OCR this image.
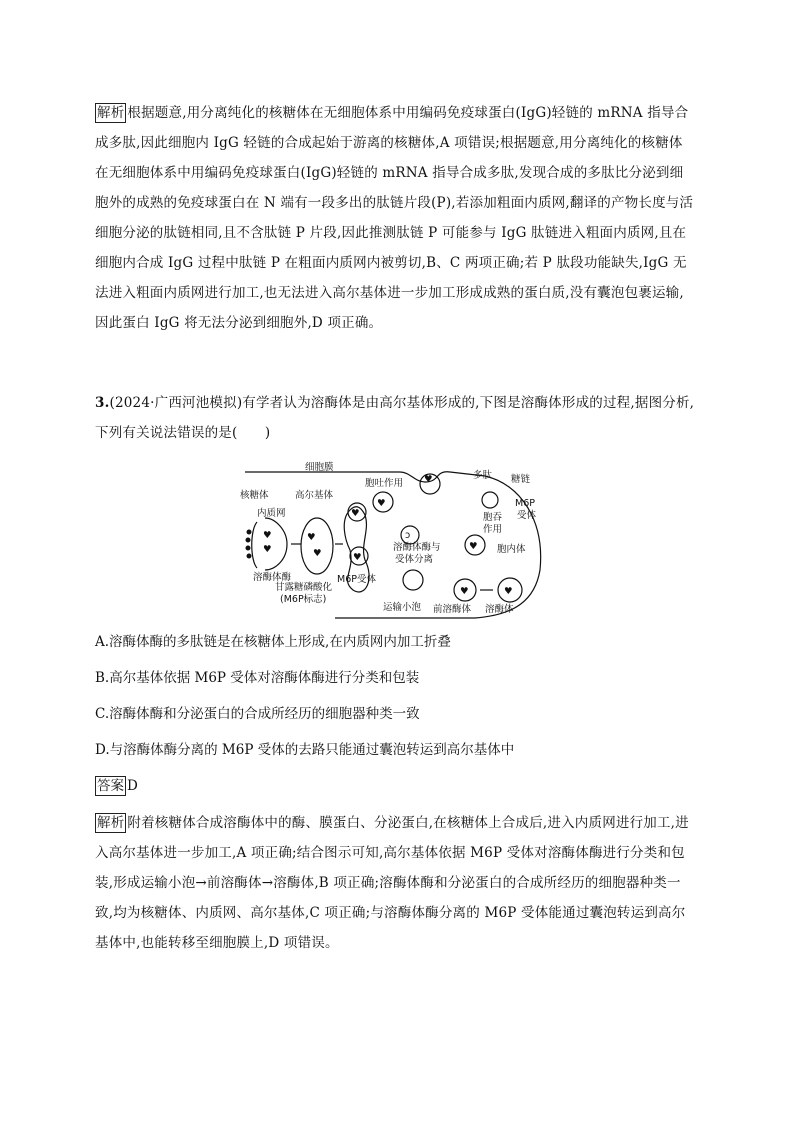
解析 根据题意,用分离纯化的核糖体在无细胞体系中用编码免疫球蛋白(IgG)轻链的 mRNA 指导合成多肽,因此细胞内 IgG 轻链的合成起始于游离的核糖体,A 项错误;根据题意,用分离纯化的核糖体在无细胞体系中用编码免疫球蛋白(IgG)轻链的 mRNA 指导合成多肽,发现合成的多肽比分泌到细胞外的成熟的免疫球蛋白在 N 端有一段多出的肽链片段(P),若添加粗面内质网,翻译的产物长度与活细胞分泌的肽链相同,且不含肽链 P 片段,因此推测肽链 P 可能参与 IgG 肽链进入粗面内质网,且在细胞内合成 IgG 过程中肽链 P 在粗面内质网内被剪切,B、C 两项正确;若 P 肽段功能缺失,IgG 无法进入粗面内质网进行加工,也无法进入高尔基体进一步加工形成成熟的蛋白质,没有囊泡包裹运输,因此蛋白 IgG 将无法分泌到细胞外,D 项正确。
3.(2024·广西河池模拟)有学者认为溶酶体是由高尔基体形成的,下图是溶酶体形成的过程,据图分析,下列有关说法错误的是(　　)
细胞膜
♥
♥
核糖体
内质网
溶酶体酶
♥
♥
高尔基体
甘露糖磷酸化
(M6P标志)
♥
♥
M6P受体
♥
胞吐作用 ♥
ↄ
溶酶体酶与
受体分离
运输小泡
♥	♥
前溶酶体 溶酶体
♥
胞吞
作用
胞内体
多肽 糖链
M6P
受体
A.溶酶体酶的多肽链是在核糖体上形成,在内质网内加工折叠
B.高尔基体依据 M6P 受体对溶酶体酶进行分类和包装
C.溶酶体酶和分泌蛋白的合成所经历的细胞器种类一致
D.与溶酶体酶分离的 M6P 受体的去路只能通过囊泡转运到高尔基体中
答案 D
解析 附着核糖体合成溶酶体中的酶、膜蛋白、分泌蛋白,在核糖体上合成后,进入内质网进行加工,进入高尔基体进一步加工,A 项正确;结合图示可知,高尔基体依据 M6P 受体对溶酶体酶进行分类和包装,形成运输小泡→前溶酶体→溶酶体,B 项正确;溶酶体酶和分泌蛋白的合成所经历的细胞器种类一致,均为核糖体、内质网、高尔基体,C 项正确;与溶酶体酶分离的 M6P 受体能通过囊泡转运到高尔基体中,也能转移至细胞膜上,D 项错误。
